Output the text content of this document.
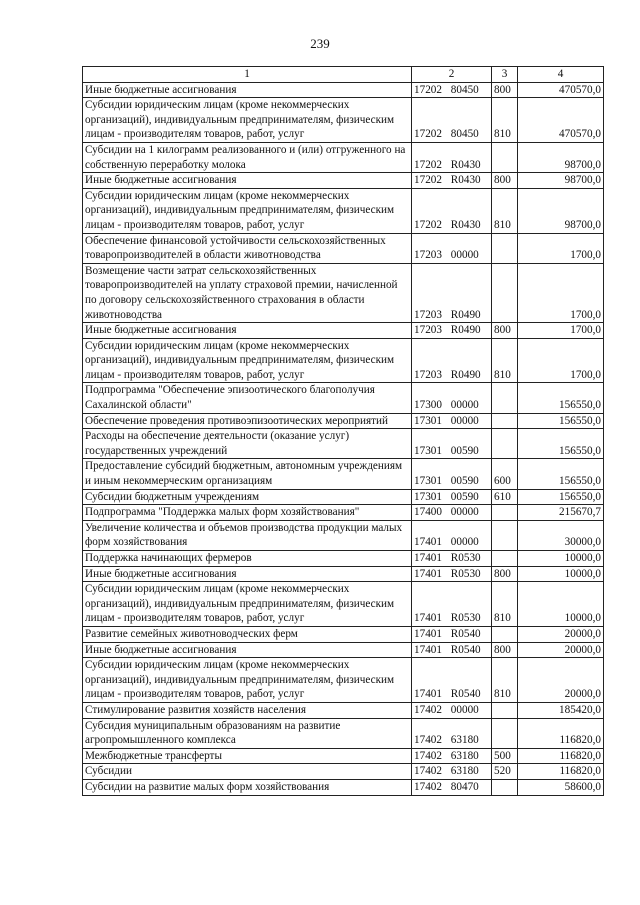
239
1	2	3	4
Иные бюджетные ассигнования	17202 80450	800	470570,0
Субсидии юридическим лицам (кроме некоммерческих организаций), индивидуальным предпринимателям, физическим лицам - производителям товаров, работ, услуг	17202 80450	810	470570,0
Субсидии на 1 килограмм реализованного и (или) отгруженного на собственную переработку молока	17202 R0430		98700,0
Иные бюджетные ассигнования	17202 R0430	800	98700,0
Субсидии юридическим лицам (кроме некоммерческих организаций), индивидуальным предпринимателям, физическим лицам - производителям товаров, работ, услуг	17202 R0430	810	98700,0
Обеспечение финансовой устойчивости сельскохозяйственных товаропроизводителей в области животноводства	17203 00000		1700,0
Возмещение части затрат сельскохозяйственных товаропроизводителей на уплату страховой премии, начисленной по договору сельскохозяйственного страхования в области животноводства	17203 R0490		1700,0
Иные бюджетные ассигнования	17203 R0490	800	1700,0
Субсидии юридическим лицам (кроме некоммерческих организаций), индивидуальным предпринимателям, физическим лицам - производителям товаров, работ, услуг	17203 R0490	810	1700,0
Подпрограмма "Обеспечение эпизоотического благополучия Сахалинской области"	17300 00000		156550,0
Обеспечение проведения противоэпизоотических мероприятий	17301 00000		156550,0
Расходы на обеспечение деятельности (оказание услуг) государственных учреждений	17301 00590		156550,0
Предоставление субсидий бюджетным, автономным учреждениям и иным некоммерческим организациям	17301 00590	600	156550,0
Субсидии бюджетным учреждениям	17301 00590	610	156550,0
Подпрограмма "Поддержка малых форм хозяйствования"	17400 00000		215670,7
Увеличение количества и объемов производства продукции малых форм хозяйствования	17401 00000		30000,0
Поддержка начинающих фермеров	17401 R0530		10000,0
Иные бюджетные ассигнования	17401 R0530	800	10000,0
Субсидии юридическим лицам (кроме некоммерческих организаций), индивидуальным предпринимателям, физическим лицам - производителям товаров, работ, услуг	17401 R0530	810	10000,0
Развитие семейных животноводческих ферм	17401 R0540		20000,0
Иные бюджетные ассигнования	17401 R0540	800	20000,0
Субсидии юридическим лицам (кроме некоммерческих организаций), индивидуальным предпринимателям, физическим лицам - производителям товаров, работ, услуг	17401 R0540	810	20000,0
Стимулирование развития хозяйств населения	17402 00000		185420,0
Субсидия муниципальным образованиям на развитие агропромышленного комплекса	17402 63180		116820,0
Межбюджетные трансферты	17402 63180	500	116820,0
Субсидии	17402 63180	520	116820,0
Субсидии на развитие малых форм хозяйствования	17402 80470		58600,0
